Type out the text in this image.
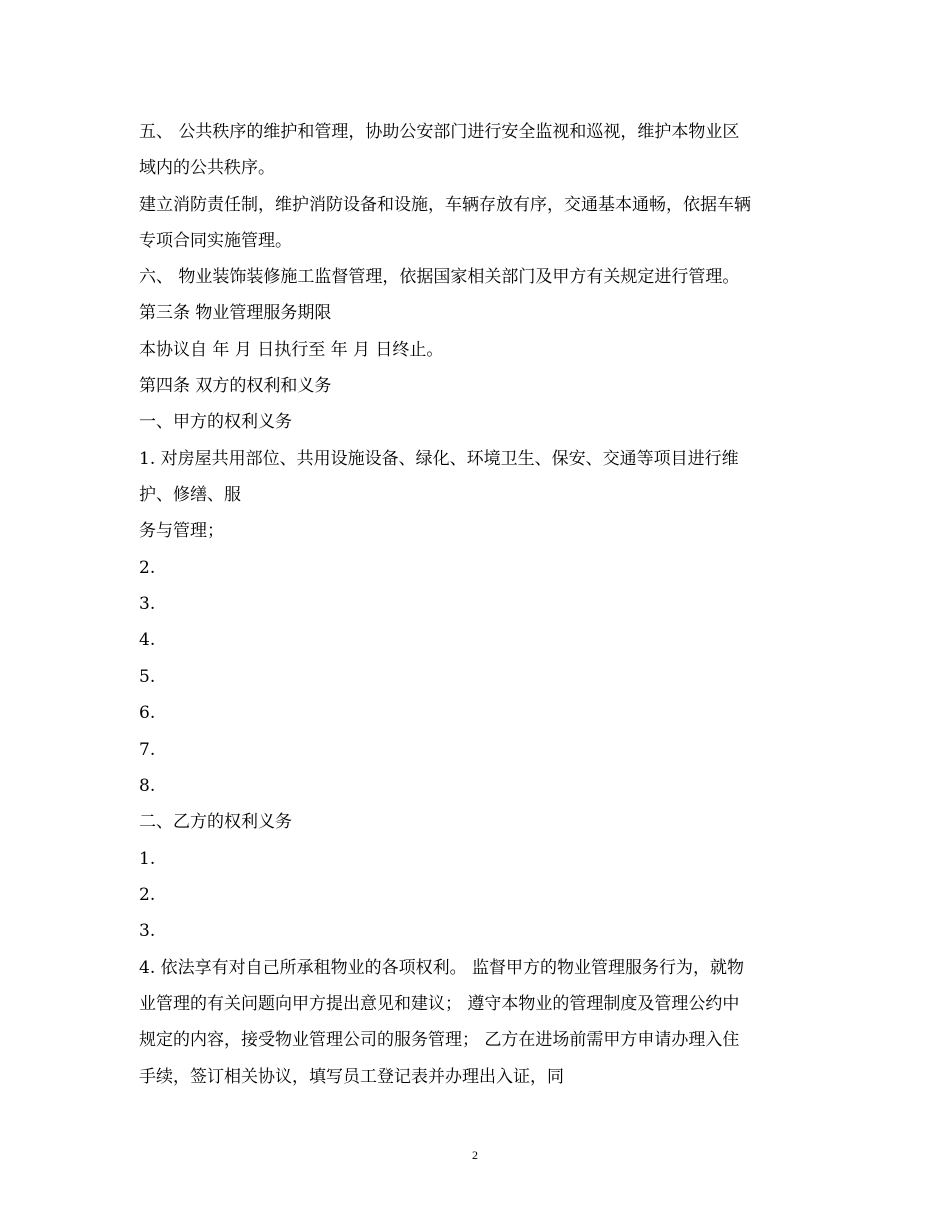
五、 公共秩序的维护和管理，协助公安部门进行安全监视和巡视，维护本物业区
域内的公共秩序。
建立消防责任制，维护消防设备和设施，车辆存放有序，交通基本通畅，依据车辆
专项合同实施管理。
六、 物业装饰装修施工监督管理，依据国家相关部门及甲方有关规定进行管理。
第三条 物业管理服务期限
本协议自 年 月 日执行至 年 月 日终止。
第四条 双方的权利和义务
一、甲方的权利义务
1. 对房屋共用部位、共用设施设备、绿化、环境卫生、保安、交通等项目进行维
护、修缮、服
务与管理；
2.
3.
4.
5.
6.
7.
8.
二、乙方的权利义务
1.
2.
3.
4. 依法享有对自己所承租物业的各项权利。 监督甲方的物业管理服务行为，就物
业管理的有关问题向甲方提出意见和建议； 遵守本物业的管理制度及管理公约中
规定的内容，接受物业管理公司的服务管理； 乙方在进场前需甲方申请办理入住
手续，签订相关协议，填写员工登记表并办理出入证，同
2
